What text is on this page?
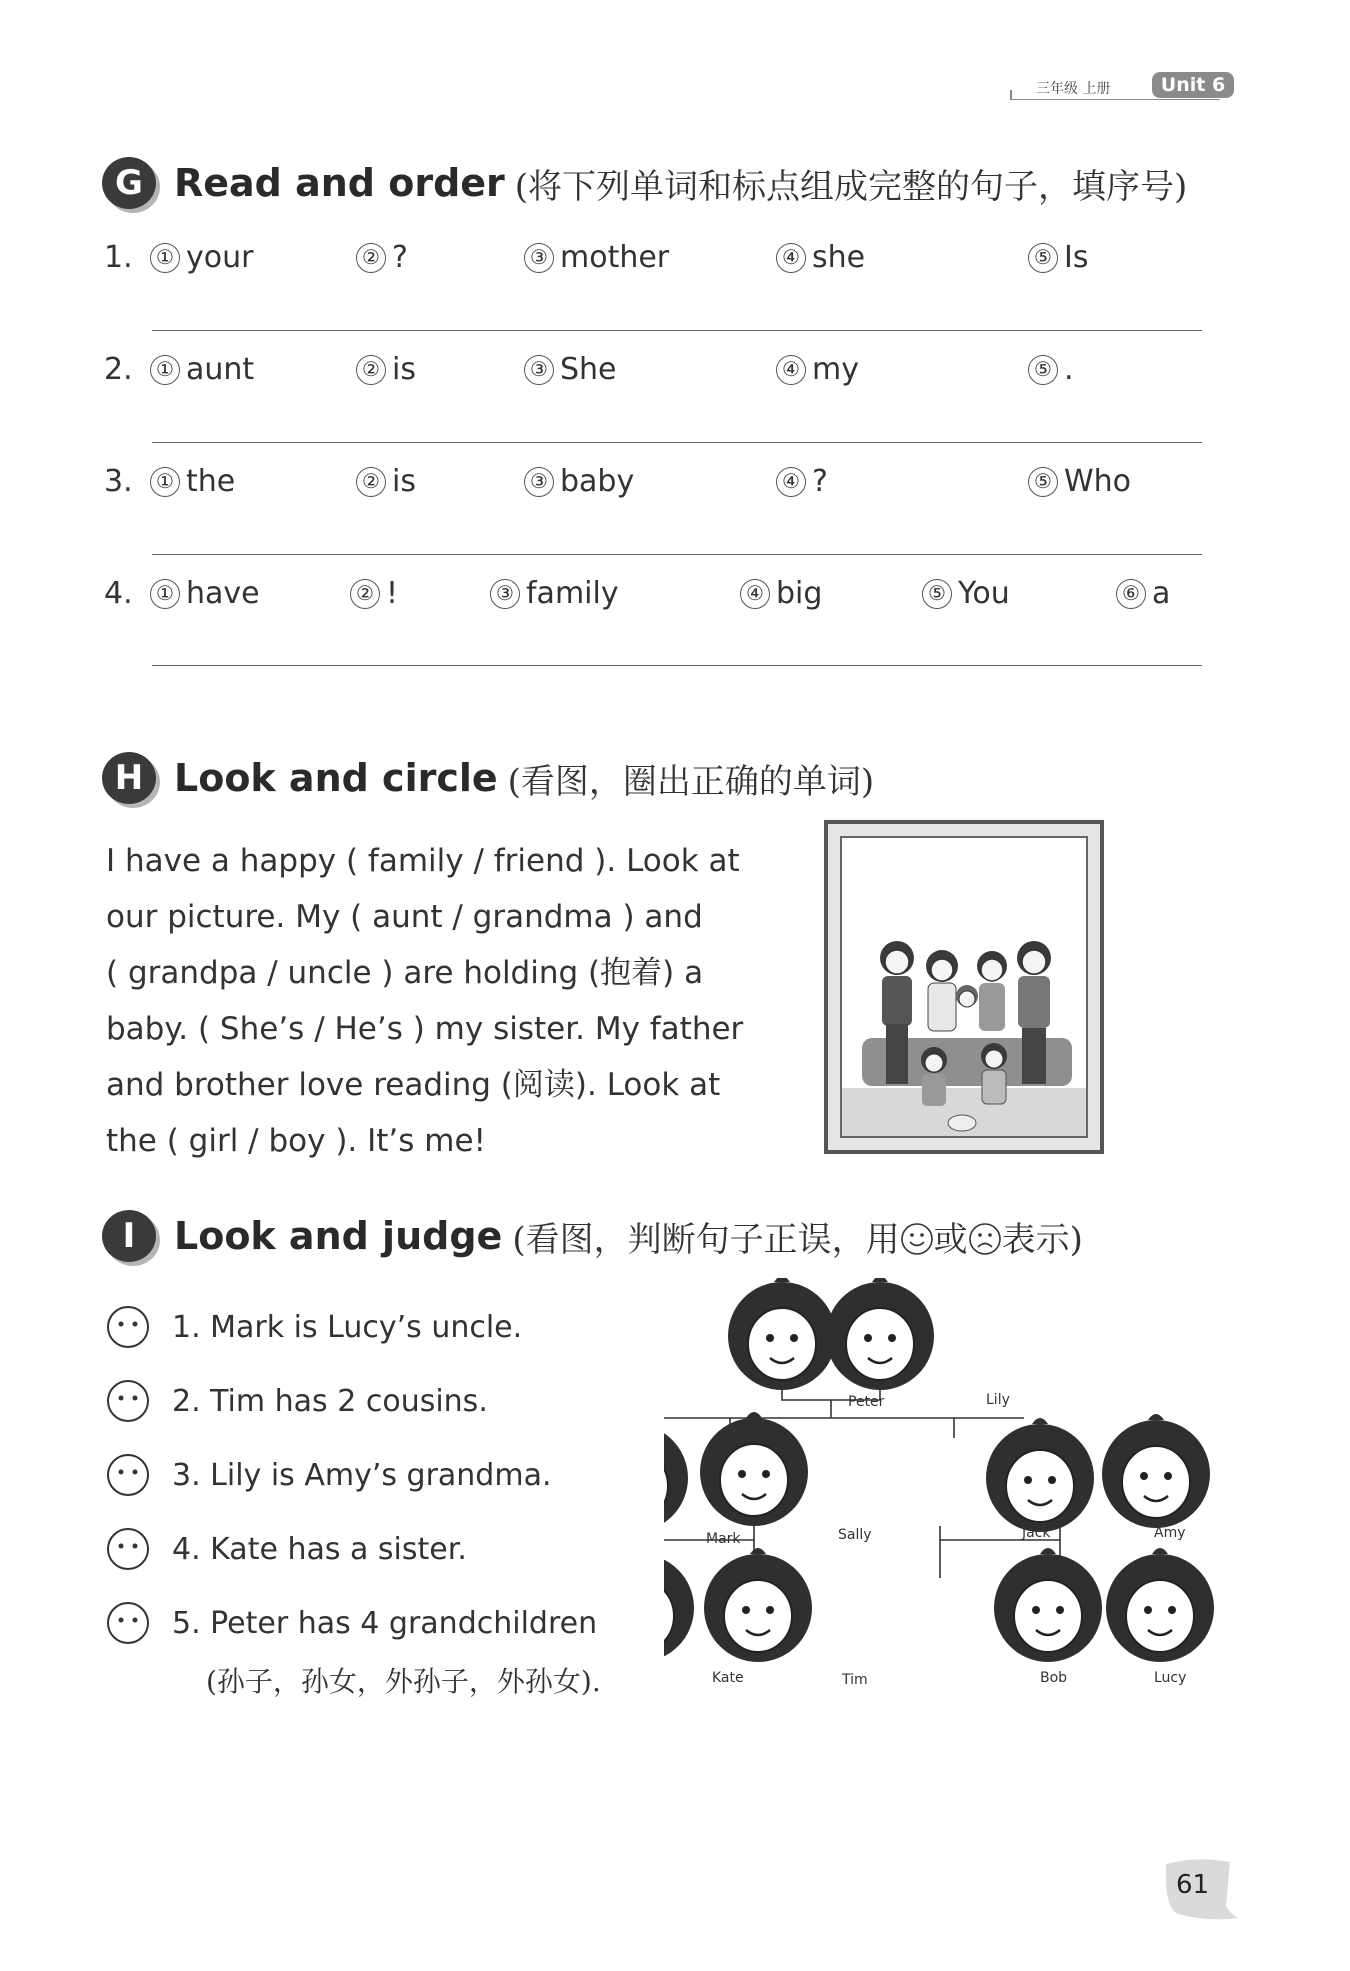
三年级 上册	Unit 6
G Read and order (将下列单词和标点组成完整的句子，填序号)
1.	① your	② ?	③ mother	④ she	⑤ Is
2.	① aunt	② is	③ She	④ my	⑤ .
3.	① the	② is	③ baby	④ ?	⑤ Who
4.	① have	② !	③ family	④ big	⑤ You	⑥ a
H Look and circle (看图，圈出正确的单词)
I have a happy ( family / friend ). Look at
our picture. My ( aunt / grandma ) and
( grandpa / uncle ) are holding (抱着) a
baby. ( She’s / He’s ) my sister. My father
and brother love reading (阅读). Look at
the ( girl / boy ). It’s me!
I	Look and judge (看图，判断句子正误，用 或 表示)
1. Mark is Lucy’s uncle.
2. Tim has 2 cousins.
3. Lily is Amy’s grandma.
4. Kate has a sister.
5. Peter has 4 grandchildren
(孙子，孙女，外孙子，外孙女).
Peter	Lily
Mark	Sally	Jack	Amy
Kate	Tim	Bob	Lucy
61
